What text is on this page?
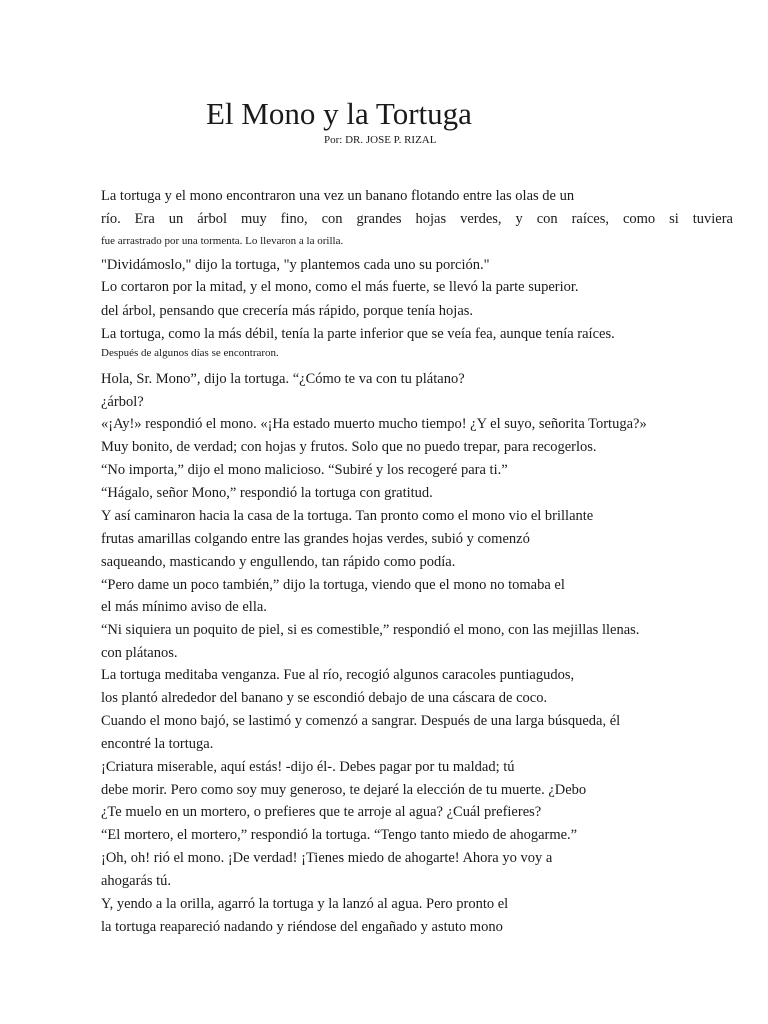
El Mono y la Tortuga
Por: DR. JOSE P. RIZAL
La tortuga y el mono encontraron una vez un banano flotando entre las olas de un
río. Era un árbol muy fino, con grandes hojas verdes, y con raíces, como si tuviera
fue arrastrado por una tormenta. Lo llevaron a la orilla.
"Dividámoslo," dijo la tortuga, "y plantemos cada uno su porción."
Lo cortaron por la mitad, y el mono, como el más fuerte, se llevó la parte superior.
del árbol, pensando que crecería más rápido, porque tenía hojas.
La tortuga, como la más débil, tenía la parte inferior que se veía fea, aunque tenía raíces.
Después de algunos días se encontraron.
Hola, Sr. Mono”, dijo la tortuga. “¿Cómo te va con tu plátano?
¿árbol?
«¡Ay!» respondió el mono. «¡Ha estado muerto mucho tiempo! ¿Y el suyo, señorita Tortuga?»
Muy bonito, de verdad; con hojas y frutos. Solo que no puedo trepar, para recogerlos.
“No importa,” dijo el mono malicioso. “Subiré y los recogeré para ti.”
“Hágalo, señor Mono,” respondió la tortuga con gratitud.
Y así caminaron hacia la casa de la tortuga. Tan pronto como el mono vio el brillante
frutas amarillas colgando entre las grandes hojas verdes, subió y comenzó
saqueando, masticando y engullendo, tan rápido como podía.
“Pero dame un poco también,” dijo la tortuga, viendo que el mono no tomaba el
el más mínimo aviso de ella.
“Ni siquiera un poquito de piel, si es comestible,” respondió el mono, con las mejillas llenas.
con plátanos.
La tortuga meditaba venganza. Fue al río, recogió algunos caracoles puntiagudos,
los plantó alrededor del banano y se escondió debajo de una cáscara de coco.
Cuando el mono bajó, se lastimó y comenzó a sangrar. Después de una larga búsqueda, él
encontré la tortuga.
¡Criatura miserable, aquí estás! -dijo él-. Debes pagar por tu maldad; tú
debe morir. Pero como soy muy generoso, te dejaré la elección de tu muerte. ¿Debo
¿Te muelo en un mortero, o prefieres que te arroje al agua? ¿Cuál prefieres?
“El mortero, el mortero,” respondió la tortuga. “Tengo tanto miedo de ahogarme.”
¡Oh, oh! rió el mono. ¡De verdad! ¡Tienes miedo de ahogarte! Ahora yo voy a
ahogarás tú.
Y, yendo a la orilla, agarró la tortuga y la lanzó al agua. Pero pronto el
la tortuga reapareció nadando y riéndose del engañado y astuto mono
